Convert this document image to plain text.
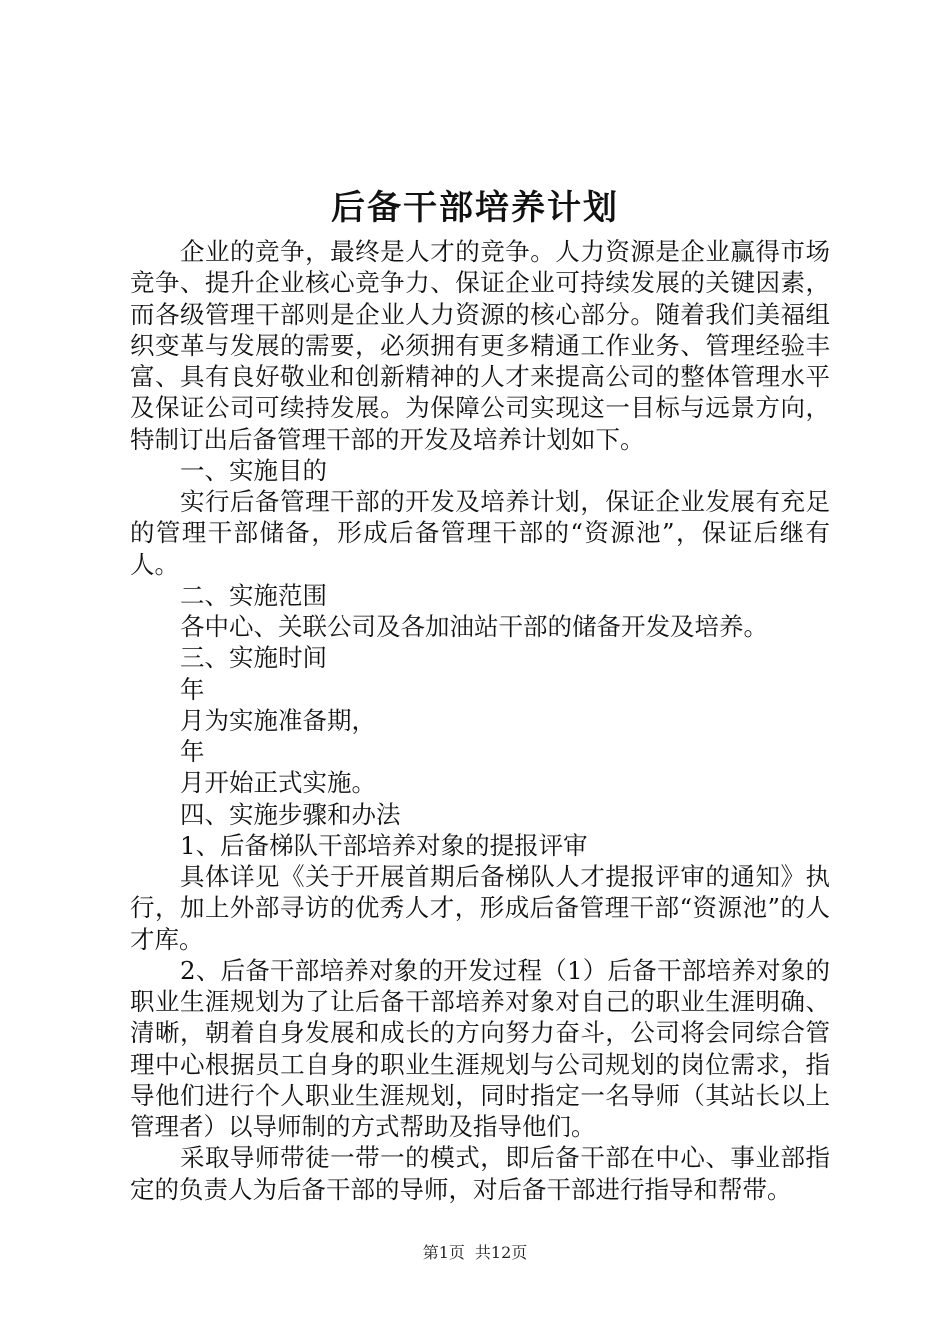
后备干部培养计划

企业的竞争，最终是人才的竞争。人力资源是企业赢得市场竞争、提升企业核心竞争力、保证企业可持续发展的关键因素，而各级管理干部则是企业人力资源的核心部分。随着我们美福组织变革与发展的需要，必须拥有更多精通工作业务、管理经验丰富、具有良好敬业和创新精神的人才来提高公司的整体管理水平及保证公司可续持发展。为保障公司实现这一目标与远景方向，特制订出后备管理干部的开发及培养计划如下。

一、实施目的

实行后备管理干部的开发及培养计划，保证企业发展有充足的管理干部储备，形成后备管理干部的“资源池”，保证后继有人。

二、实施范围

各中心、关联公司及各加油站干部的储备开发及培养。

三、实施时间

年

月为实施准备期，

年

月开始正式实施。

四、实施步骤和办法

1、后备梯队干部培养对象的提报评审

具体详见《关于开展首期后备梯队人才提报评审的通知》执行，加上外部寻访的优秀人才，形成后备管理干部“资源池”的人才库。

2、后备干部培养对象的开发过程（1）后备干部培养对象的职业生涯规划为了让后备干部培养对象对自己的职业生涯明确、清晰，朝着自身发展和成长的方向努力奋斗，公司将会同综合管理中心根据员工自身的职业生涯规划与公司规划的岗位需求，指导他们进行个人职业生涯规划，同时指定一名导师（其站长以上管理者）以导师制的方式帮助及指导他们。

采取导师带徒一带一的模式，即后备干部在中心、事业部指定的负责人为后备干部的导师，对后备干部进行指导和帮带。

第1页 共12页
